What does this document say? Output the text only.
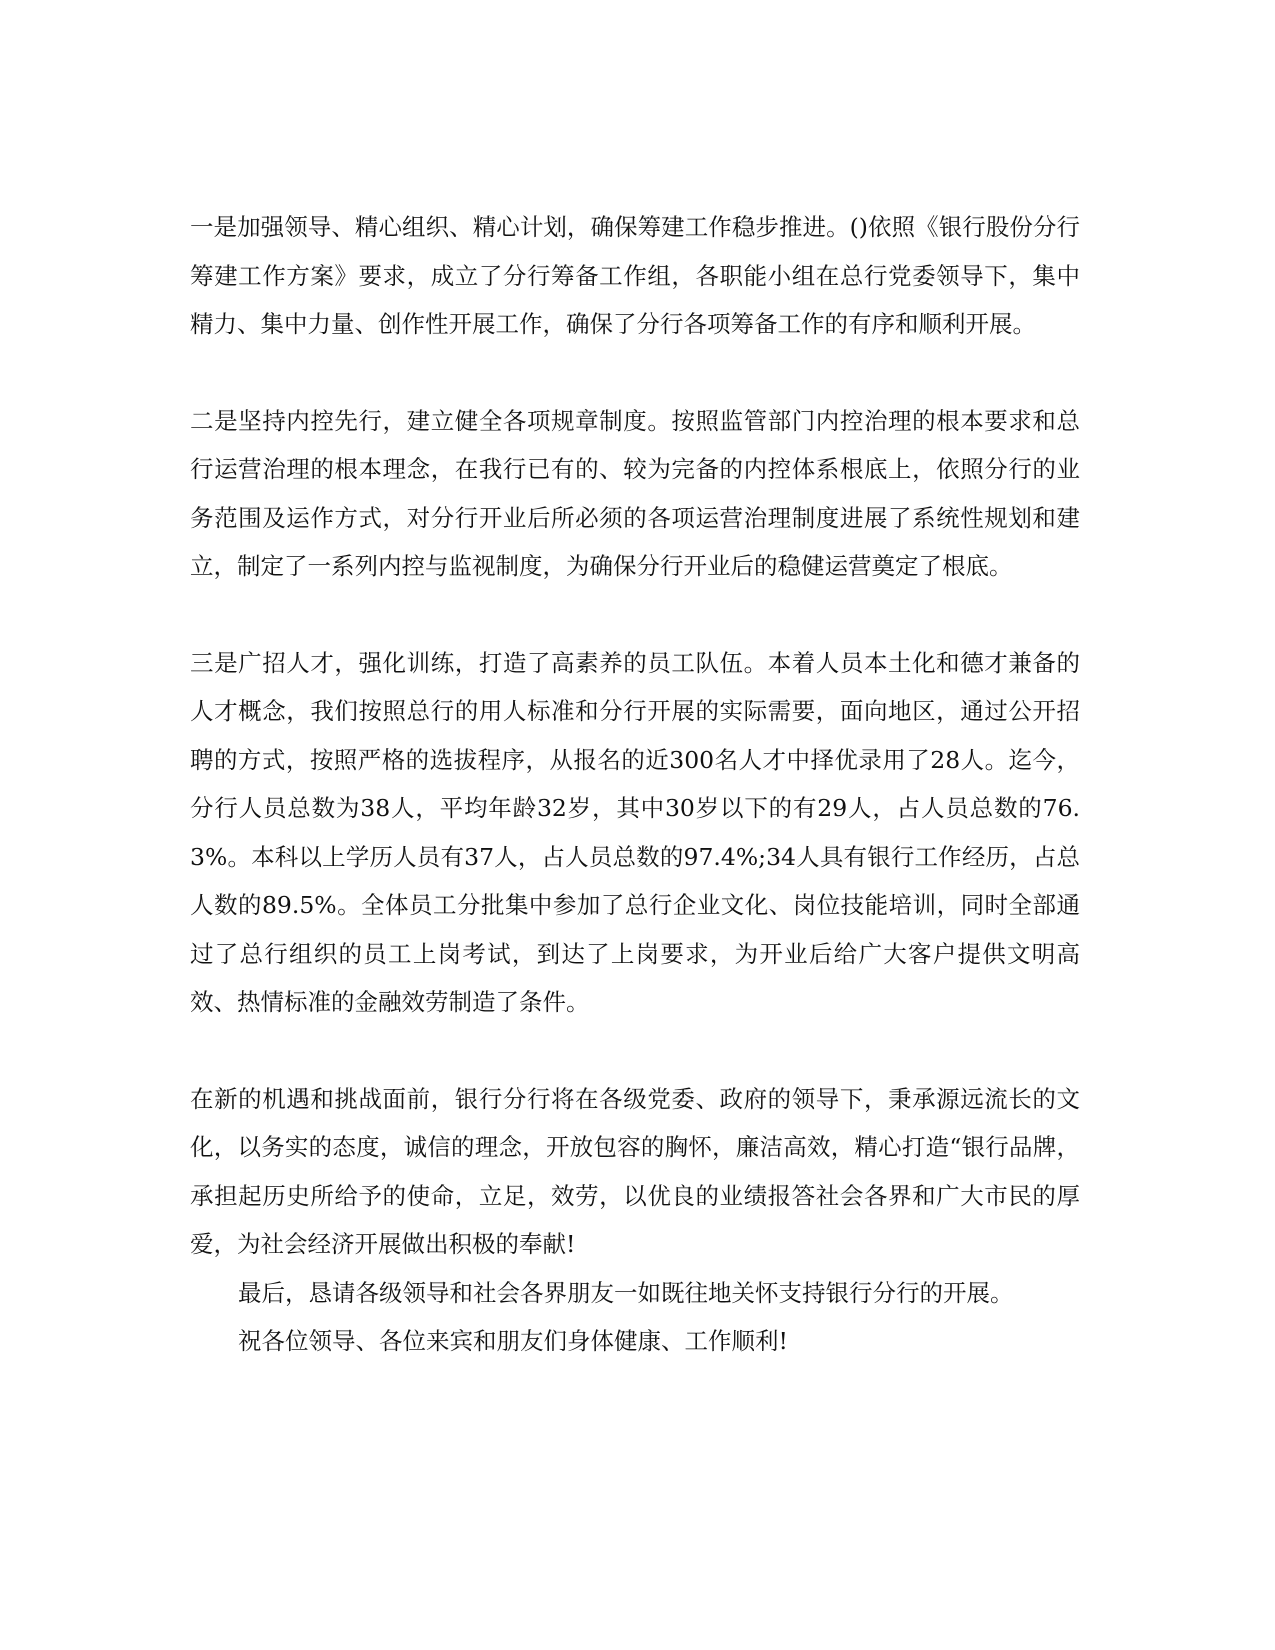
一是加强领导、精心组织、精心计划，确保筹建工作稳步推进。()依照《银行股份分行筹建工作方案》要求，成立了分行筹备工作组，各职能小组在总行党委领导下，集中精力、集中力量、创作性开展工作，确保了分行各项筹备工作的有序和顺利开展。

二是坚持内控先行，建立健全各项规章制度。按照监管部门内控治理的根本要求和总行运营治理的根本理念，在我行已有的、较为完备的内控体系根底上，依照分行的业务范围及运作方式，对分行开业后所必须的各项运营治理制度进展了系统性规划和建立，制定了一系列内控与监视制度，为确保分行开业后的稳健运营奠定了根底。

三是广招人才，强化训练，打造了高素养的员工队伍。本着人员本土化和德才兼备的人才概念，我们按照总行的用人标准和分行开展的实际需要，面向地区，通过公开招聘的方式，按照严格的选拔程序，从报名的近300名人才中择优录用了28人。迄今，分行人员总数为38人，平均年龄32岁，其中30岁以下的有29人，占人员总数的76.3%。本科以上学历人员有37人，占人员总数的97.4%;34人具有银行工作经历，占总人数的89.5%。全体员工分批集中参加了总行企业文化、岗位技能培训，同时全部通过了总行组织的员工上岗考试，到达了上岗要求，为开业后给广大客户提供文明高效、热情标准的金融效劳制造了条件。

在新的机遇和挑战面前，银行分行将在各级党委、政府的领导下，秉承源远流长的文化，以务实的态度，诚信的理念，开放包容的胸怀，廉洁高效，精心打造“银行品牌，承担起历史所给予的使命，立足，效劳，以优良的业绩报答社会各界和广大市民的厚爱，为社会经济开展做出积极的奉献!

最后，恳请各级领导和社会各界朋友一如既往地关怀支持银行分行的开展。

祝各位领导、各位来宾和朋友们身体健康、工作顺利!
